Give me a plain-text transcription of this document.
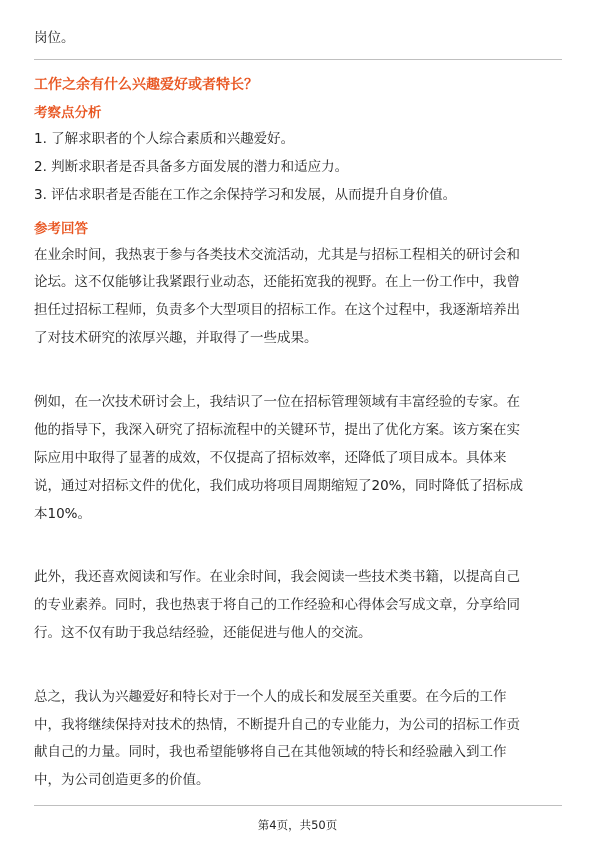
岗位。
工作之余有什么兴趣爱好或者特长？
考察点分析
1. 了解求职者的个人综合素质和兴趣爱好。
2. 判断求职者是否具备多方面发展的潜力和适应力。
3. 评估求职者是否能在工作之余保持学习和发展，从而提升自身价值。
参考回答
在业余时间，我热衷于参与各类技术交流活动，尤其是与招标工程相关的研讨会和
论坛。这不仅能够让我紧跟行业动态，还能拓宽我的视野。在上一份工作中，我曾
担任过招标工程师，负责多个大型项目的招标工作。在这个过程中，我逐渐培养出
了对技术研究的浓厚兴趣，并取得了一些成果。
例如，在一次技术研讨会上，我结识了一位在招标管理领域有丰富经验的专家。在
他的指导下，我深入研究了招标流程中的关键环节，提出了优化方案。该方案在实
际应用中取得了显著的成效，不仅提高了招标效率，还降低了项目成本。具体来
说，通过对招标文件的优化，我们成功将项目周期缩短了20%，同时降低了招标成
本10%。
此外，我还喜欢阅读和写作。在业余时间，我会阅读一些技术类书籍，以提高自己
的专业素养。同时，我也热衷于将自己的工作经验和心得体会写成文章，分享给同
行。这不仅有助于我总结经验，还能促进与他人的交流。
总之，我认为兴趣爱好和特长对于一个人的成长和发展至关重要。在今后的工作
中，我将继续保持对技术的热情，不断提升自己的专业能力，为公司的招标工作贡
献自己的力量。同时，我也希望能够将自己在其他领域的特长和经验融入到工作
中，为公司创造更多的价值。
第4页，共50页
